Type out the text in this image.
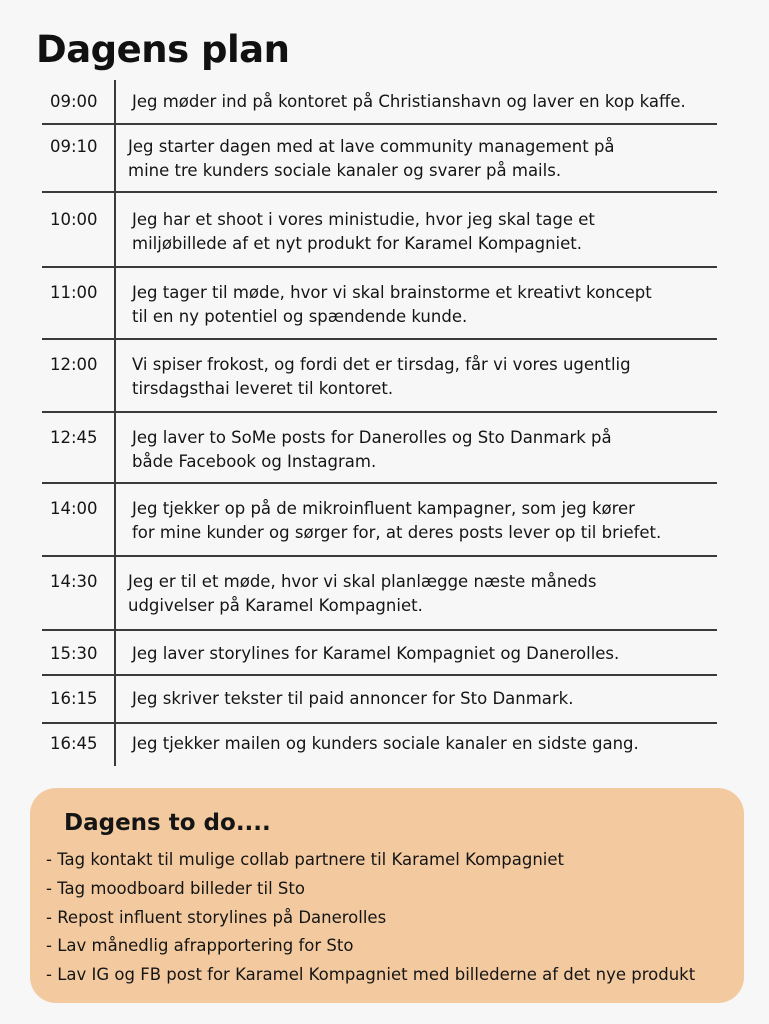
Dagens plan
09:00	Jeg møder ind på kontoret på Christianshavn og laver en kop kaffe.
09:10	Jeg starter dagen med at lave community management på
mine tre kunders sociale kanaler og svarer på mails.
10:00	Jeg har et shoot i vores ministudie, hvor jeg skal tage et
miljøbillede af et nyt produkt for Karamel Kompagniet.
11:00	Jeg tager til møde, hvor vi skal brainstorme et kreativt koncept
til en ny potentiel og spændende kunde.
12:00	Vi spiser frokost, og fordi det er tirsdag, får vi vores ugentlig
tirsdagsthai leveret til kontoret.
12:45	Jeg laver to SoMe posts for Danerolles og Sto Danmark på
både Facebook og Instagram.
14:00	Jeg tjekker op på de mikroinfluent kampagner, som jeg kører
for mine kunder og sørger for, at deres posts lever op til briefet.
14:30	Jeg er til et møde, hvor vi skal planlægge næste måneds
udgivelser på Karamel Kompagniet.
15:30	Jeg laver storylines for Karamel Kompagniet og Danerolles.
16:15	Jeg skriver tekster til paid annoncer for Sto Danmark.
16:45	Jeg tjekker mailen og kunders sociale kanaler en sidste gang.
Dagens to do....
- Tag kontakt til mulige collab partnere til Karamel Kompagniet
- Tag moodboard billeder til Sto
- Repost influent storylines på Danerolles
- Lav månedlig afrapportering for Sto
- Lav IG og FB post for Karamel Kompagniet med billederne af det nye produkt
